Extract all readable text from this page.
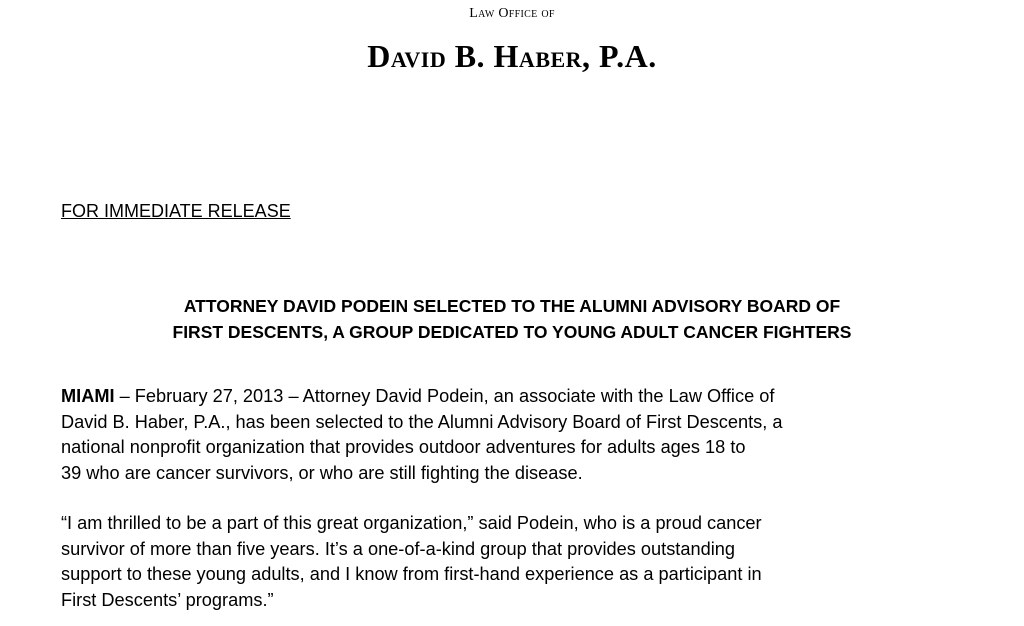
Law Office of

David B. Haber, P.A.

FOR IMMEDIATE RELEASE

ATTORNEY DAVID PODEIN SELECTED TO THE ALUMNI ADVISORY BOARD OF
FIRST DESCENTS, A GROUP DEDICATED TO YOUNG ADULT CANCER FIGHTERS

MIAMI – February 27, 2013 – Attorney David Podein, an associate with the Law Office of
David B. Haber, P.A., has been selected to the Alumni Advisory Board of First Descents, a
national nonprofit organization that provides outdoor adventures for adults ages 18 to
39 who are cancer survivors, or who are still fighting the disease.

“I am thrilled to be a part of this great organization,” said Podein, who is a proud cancer
survivor of more than five years. It’s a one-of-a-kind group that provides outstanding
support to these young adults, and I know from first-hand experience as a participant in
First Descents’ programs.”
